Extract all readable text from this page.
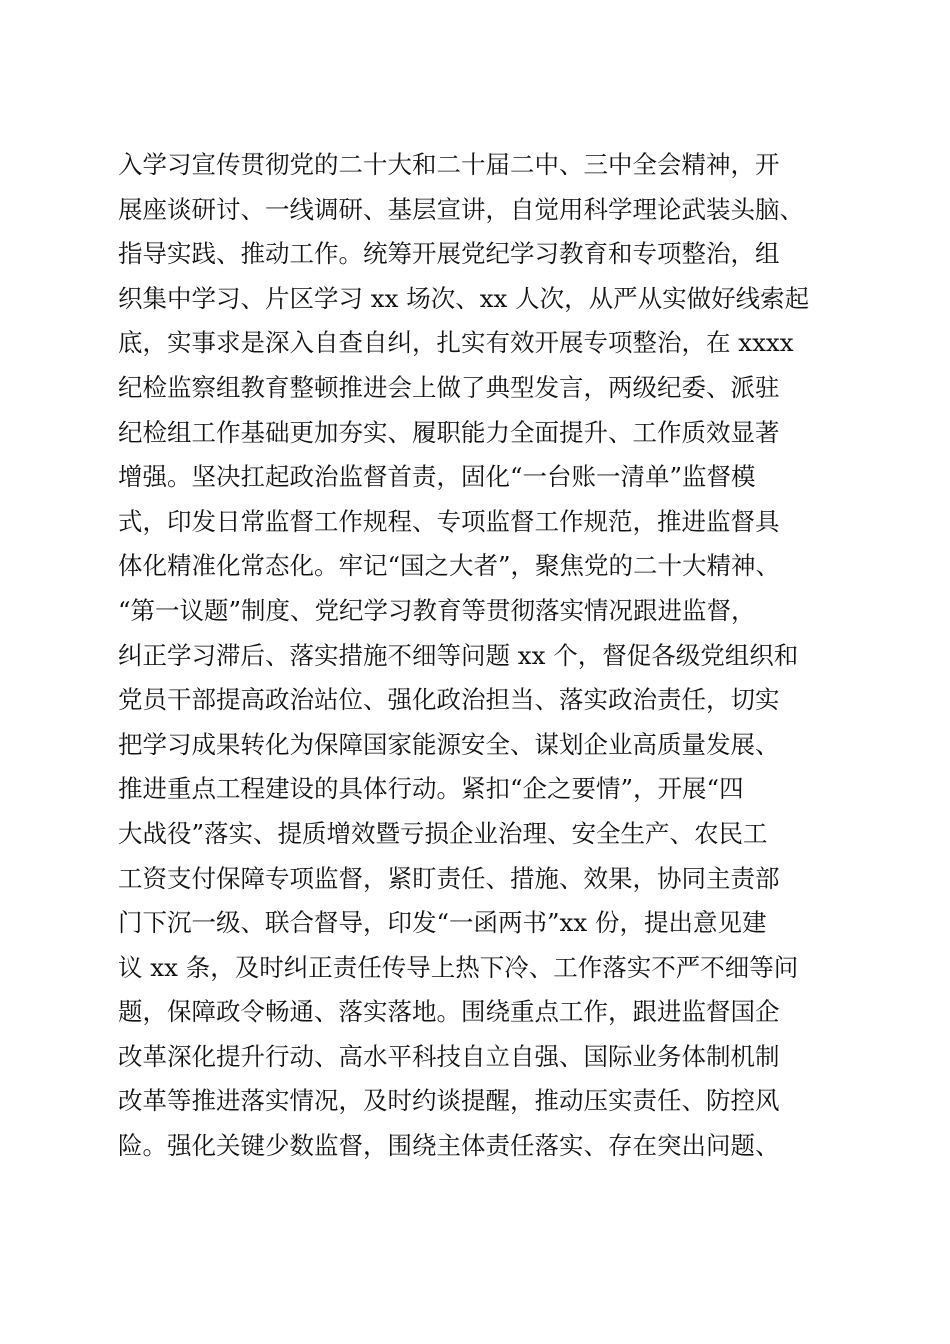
入学习宣传贯彻党的二十大和二十届二中、三中全会精神，开
展座谈研讨、一线调研、基层宣讲，自觉用科学理论武装头脑、
指导实践、推动工作。统筹开展党纪学习教育和专项整治，组
织集中学习、片区学习 xx 场次、xx 人次，从严从实做好线索起
底，实事求是深入自查自纠，扎实有效开展专项整治，在 xxxx
纪检监察组教育整顿推进会上做了典型发言，两级纪委、派驻
纪检组工作基础更加夯实、履职能力全面提升、工作质效显著
增强。坚决扛起政治监督首责，固化“一台账一清单”监督模
式，印发日常监督工作规程、专项监督工作规范，推进监督具
体化精准化常态化。牢记“国之大者”，聚焦党的二十大精神、
“第一议题”制度、党纪学习教育等贯彻落实情况跟进监督，
纠正学习滞后、落实措施不细等问题 xx 个，督促各级党组织和
党员干部提高政治站位、强化政治担当、落实政治责任，切实
把学习成果转化为保障国家能源安全、谋划企业高质量发展、
推进重点工程建设的具体行动。紧扣“企之要情”，开展“四
大战役”落实、提质增效暨亏损企业治理、安全生产、农民工
工资支付保障专项监督，紧盯责任、措施、效果，协同主责部
门下沉一级、联合督导，印发“一函两书”xx 份，提出意见建
议 xx 条，及时纠正责任传导上热下冷、工作落实不严不细等问
题，保障政令畅通、落实落地。围绕重点工作，跟进监督国企
改革深化提升行动、高水平科技自立自强、国际业务体制机制
改革等推进落实情况，及时约谈提醒，推动压实责任、防控风
险。强化关键少数监督，围绕主体责任落实、存在突出问题、
